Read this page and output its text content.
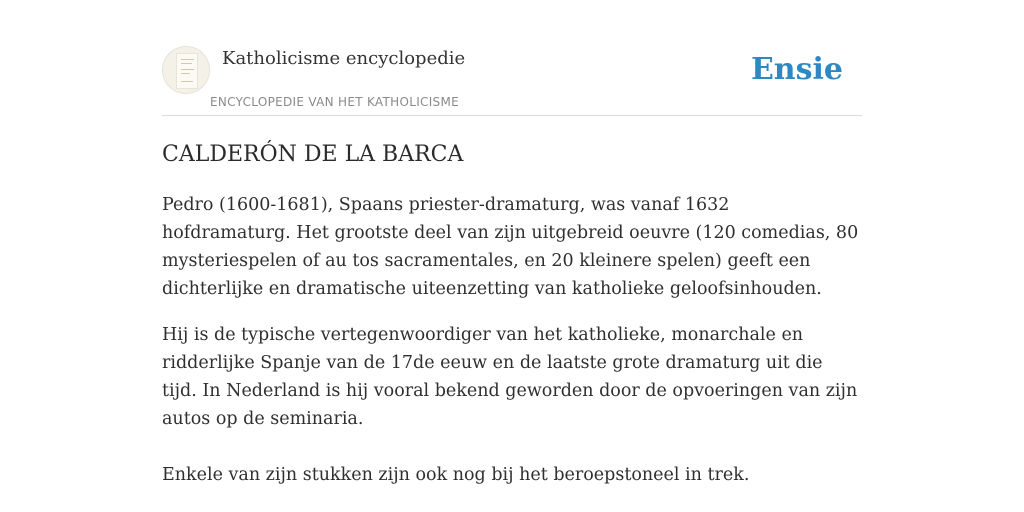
Katholicisme encyclopedie
ENCYCLOPEDIE VAN HET KATHOLICISME
Ensie
CALDERÓN DE LA BARCA

Pedro (1600-1681), Spaans priester-dramaturg, was vanaf 1632 hofdramaturg. Het grootste deel van zijn uitgebreid oeuvre (120 comedias, 80 mysteriespelen of au tos sacramentales, en 20 kleinere spelen) geeft een dichterlijke en dramatische uiteenzetting van katholieke geloofsinhouden.

Hij is de typische vertegenwoordiger van het katholieke, monarchale en ridderlijke Spanje van de 17de eeuw en de laatste grote dramaturg uit die tijd. In Nederland is hij vooral bekend geworden door de opvoeringen van zijn autos op de seminaria.

Enkele van zijn stukken zijn ook nog bij het beroepstoneel in trek.
